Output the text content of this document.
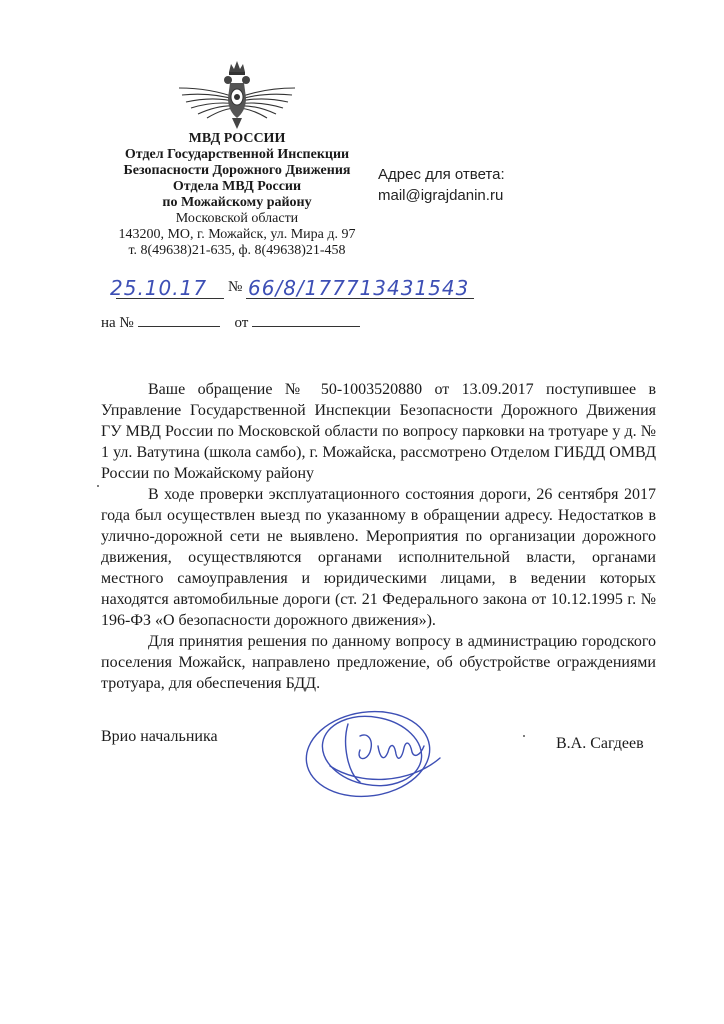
МВД РОССИИ
Отдел Государственной Инспекции
Безопасности Дорожного Движения
Отдела МВД России
по Можайскому району
Московской области
143200, МО, г. Можайск, ул. Мира д. 97
т. 8(49638)21-635, ф. 8(49638)21-458
Адрес для ответа:
mail@igrajdanin.ru
25.10.17 № 66/8/177713431543
на №	от

Ваше обращение № 50-1003520880 от 13.09.2017 поступившее в Управление Государственной Инспекции Безопасности Дорожного Движения ГУ МВД России по Московской области по вопросу парковки на тротуаре у д. № 1 ул. Ватутина (школа самбо), г. Можайска, рассмотрено Отделом ГИБДД ОМВД России по Можайскому району

В ходе проверки эксплуатационного состояния дороги, 26 сентября 2017 года был осуществлен выезд по указанному в обращении адресу. Недостатков в улично-дорожной сети не выявлено. Мероприятия по организации дорожного движения, осуществляются органами исполнительной власти, органами местного самоуправления и юридическими лицами, в ведении которых находятся автомобильные дороги (ст. 21 Федерального закона от 10.12.1995 г. № 196-ФЗ «О безопасности дорожного движения»).

Для принятия решения по данному вопросу в администрацию городского поселения Можайск, направлено предложение, об обустройстве ограждениями тротуара, для обеспечения БДД.

Врио начальника	В.А. Сагдеев
